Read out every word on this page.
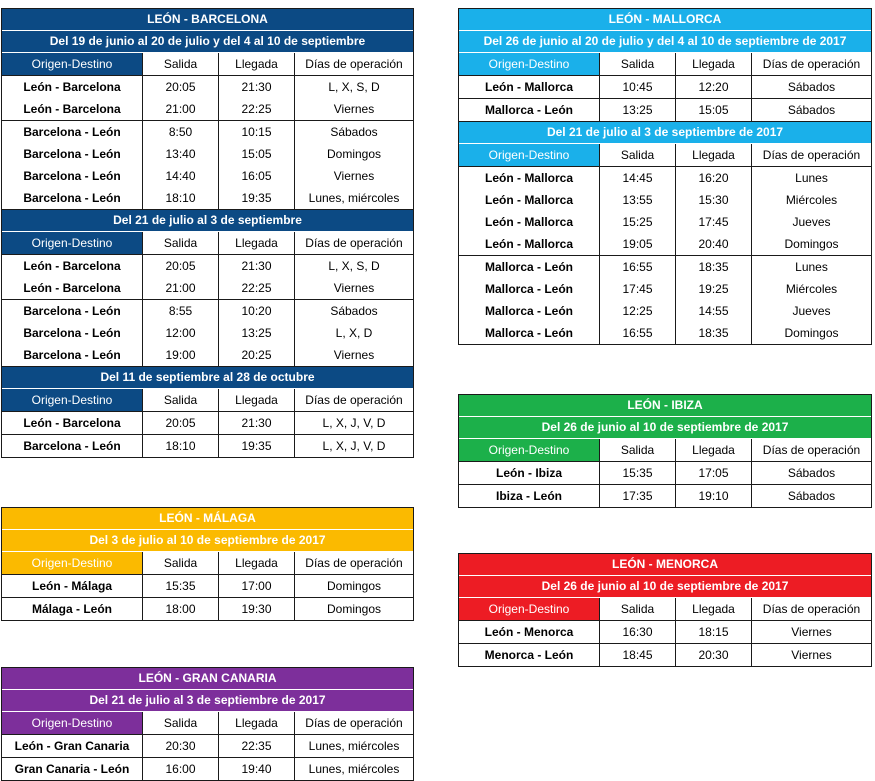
LEÓN - BARCELONA
Del 19 de junio al 20 de julio y del 4 al 10 de septiembre
Origen-Destino	Salida	Llegada	Días de operación
León - Barcelona	20:05	21:30	L, X, S, D
León - Barcelona	21:00	22:25	Viernes
Barcelona - León	8:50	10:15	Sábados
Barcelona - León	13:40	15:05	Domingos
Barcelona - León	14:40	16:05	Viernes
Barcelona - León	18:10	19:35	Lunes, miércoles
Del 21 de julio al 3 de septiembre
Origen-Destino	Salida	Llegada	Días de operación
León - Barcelona	20:05	21:30	L, X, S, D
León - Barcelona	21:00	22:25	Viernes
Barcelona - León	8:55	10:20	Sábados
Barcelona - León	12:00	13:25	L, X, D
Barcelona - León	19:00	20:25	Viernes
Del 11 de septiembre al 28 de octubre
Origen-Destino	Salida	Llegada	Días de operación
León - Barcelona	20:05	21:30	L, X, J, V, D
Barcelona - León	18:10	19:35	L, X, J, V, D
LEÓN - MALLORCA
Del 26 de junio al 20 de julio y del 4 al 10 de septiembre de 2017
Origen-Destino	Salida	Llegada	Días de operación
León - Mallorca	10:45	12:20	Sábados
Mallorca - León	13:25	15:05	Sábados
Del 21 de julio al 3 de septiembre de 2017
Origen-Destino	Salida	Llegada	Días de operación
León - Mallorca	14:45	16:20	Lunes
León - Mallorca	13:55	15:30	Miércoles
León - Mallorca	15:25	17:45	Jueves
León - Mallorca	19:05	20:40	Domingos
Mallorca - León	16:55	18:35	Lunes
Mallorca - León	17:45	19:25	Miércoles
Mallorca - León	12:25	14:55	Jueves
Mallorca - León	16:55	18:35	Domingos
LEÓN - IBIZA
Del 26 de junio al 10 de septiembre de 2017
Origen-Destino	Salida	Llegada	Días de operación
León - Ibiza	15:35	17:05	Sábados
Ibiza - León	17:35	19:10	Sábados
LEÓN - MÁLAGA
Del 3 de julio al 10 de septiembre de 2017
Origen-Destino	Salida	Llegada	Días de operación
León - Málaga	15:35	17:00	Domingos
Málaga - León	18:00	19:30	Domingos
LEÓN - MENORCA
Del 26 de junio al 10 de septiembre de 2017
Origen-Destino	Salida	Llegada	Días de operación
León - Menorca	16:30	18:15	Viernes
Menorca - León	18:45	20:30	Viernes
LEÓN - GRAN CANARIA
Del 21 de julio al 3 de septiembre de 2017
Origen-Destino	Salida	Llegada	Días de operación
León - Gran Canaria	20:30	22:35	Lunes, miércoles
Gran Canaria - León	16:00	19:40	Lunes, miércoles
